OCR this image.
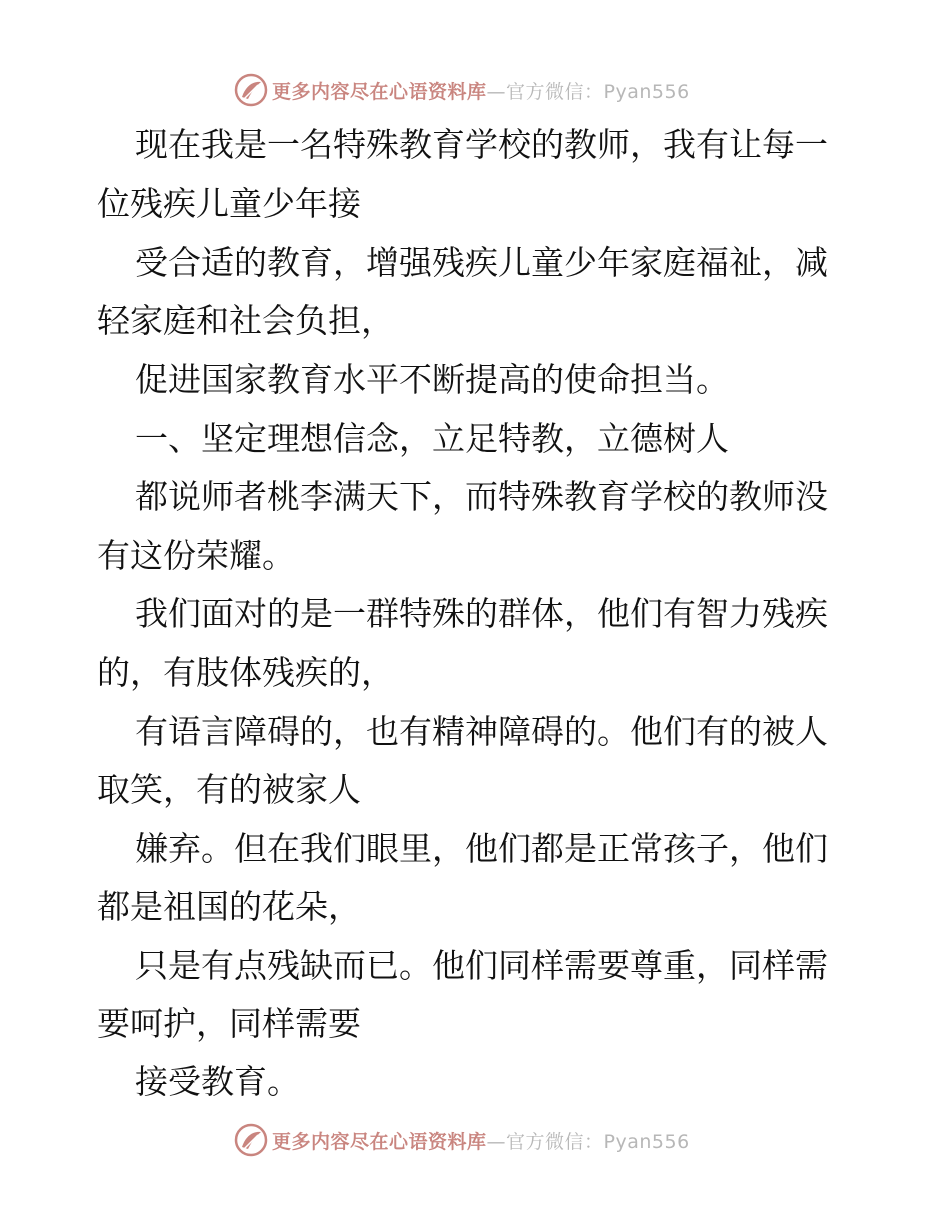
更多内容尽在心语资料库—官方微信：Pyan556
现在我是一名特殊教育学校的教师，我有让每一
位残疾儿童少年接
受合适的教育，增强残疾儿童少年家庭福祉，减
轻家庭和社会负担，
促进国家教育水平不断提高的使命担当。
一、坚定理想信念，立足特教，立德树人
都说师者桃李满天下，而特殊教育学校的教师没
有这份荣耀。
我们面对的是一群特殊的群体，他们有智力残疾
的，有肢体残疾的，
有语言障碍的，也有精神障碍的。他们有的被人
取笑，有的被家人
嫌弃。但在我们眼里，他们都是正常孩子，他们
都是祖国的花朵，
只是有点残缺而已。他们同样需要尊重，同样需
要呵护，同样需要
接受教育。
更多内容尽在心语资料库—官方微信：Pyan556
